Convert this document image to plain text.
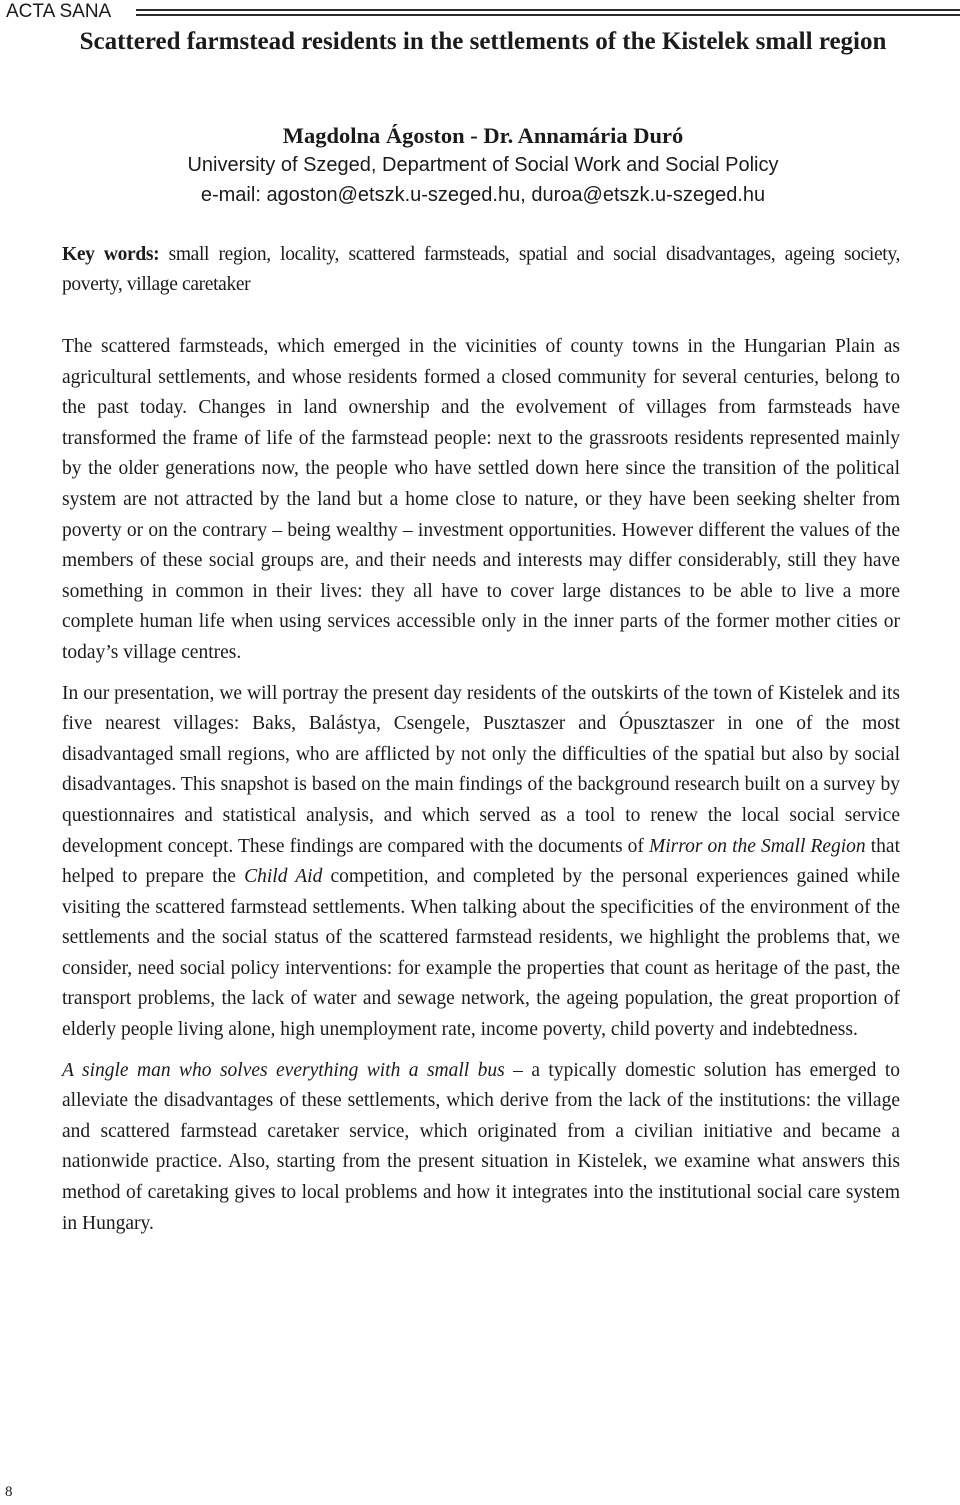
ACTA SANA
Scattered farmstead residents in the settlements of the Kistelek small region
Magdolna Ágoston - Dr. Annamária Duró
University of Szeged, Department of Social Work and Social Policy
e-mail: agoston@etszk.u-szeged.hu, duroa@etszk.u-szeged.hu
Key words: small region, locality, scattered farmsteads, spatial and social disadvantages, ageing society, poverty, village caretaker

The scattered farmsteads, which emerged in the vicinities of county towns in the Hungarian Plain as agricultural settlements, and whose residents formed a closed community for several centuries, belong to the past today. Changes in land ownership and the evolvement of villages from farmsteads have transformed the frame of life of the farmstead people: next to the grassroots residents represented mainly by the older generations now, the people who have settled down here since the transition of the political system are not attracted by the land but a home close to nature, or they have been seeking shelter from poverty or on the contrary – being wealthy – investment opportunities. However different the values of the members of these social groups are, and their needs and interests may differ considerably, still they have something in common in their lives: they all have to cover large distances to be able to live a more complete human life when using services accessible only in the inner parts of the former mother cities or today’s village centres.

In our presentation, we will portray the present day residents of the outskirts of the town of Kistelek and its five nearest villages: Baks, Balástya, Csengele, Pusztaszer and Ópusztaszer in one of the most disadvantaged small regions, who are afflicted by not only the difficulties of the spatial but also by social disadvantages. This snapshot is based on the main findings of the background research built on a survey by questionnaires and statistical analysis, and which served as a tool to renew the local social service development concept. These findings are compared with the documents of Mirror on the Small Region that helped to prepare the Child Aid competition, and completed by the personal experiences gained while visiting the scattered farmstead settlements. When talking about the specificities of the environment of the settlements and the social status of the scattered farmstead residents, we highlight the problems that, we consider, need social policy interventions: for example the properties that count as heritage of the past, the transport problems, the lack of water and sewage network, the ageing population, the great proportion of elderly people living alone, high unemployment rate, income poverty, child poverty and indebtedness.

A single man who solves everything with a small bus – a typically domestic solution has emerged to alleviate the disadvantages of these settlements, which derive from the lack of the institutions: the village and scattered farmstead caretaker service, which originated from a civilian initiative and became a nationwide practice. Also, starting from the present situation in Kistelek, we examine what answers this method of caretaking gives to local problems and how it integrates into the institutional social care system in Hungary.

8
